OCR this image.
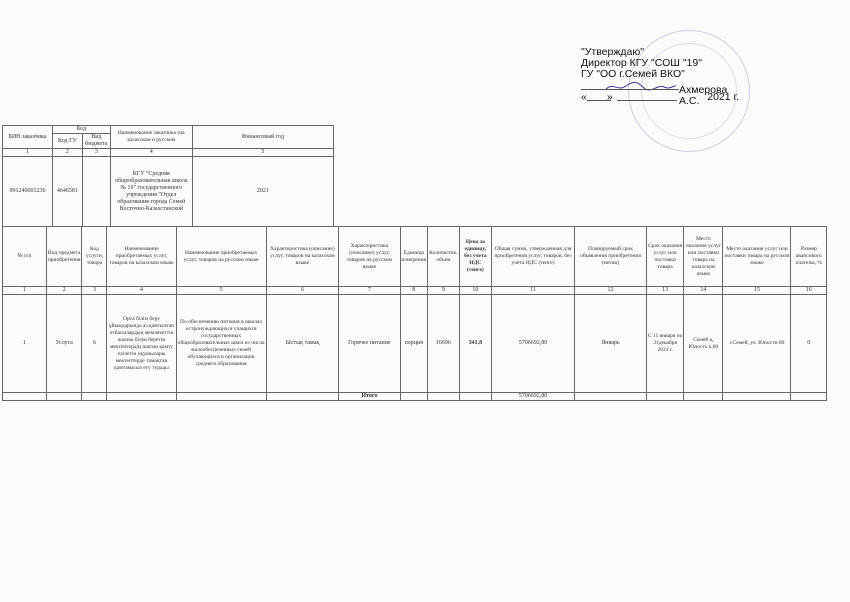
"Утверждаю"
Директор КГУ "СОШ "19"
ГУ "ОО г.Семей ВКО"
« »	2021 г.
Ахмерова А.С.
БИН заказчика	Код		Наименование заказчика (на казахском и русском	Финансовый год
	Код ГУ	Вид бюджета		
1	2	3	4	5
991240001236	4646581		КГУ "Средняя общеобразовательная школа № 19" государственного учреждения "Отдел образования города Семей Восточно-Казахстанской	2021
№ п/п	Вид предмета приобретения	Код услуги, товара	Наименование приобретаемых услуг, товаров на казахском языке	Наименование приобретаемых услуг, товаров на русском языке	Характеристика (описание) услуг, товаров на казахском языке	Характеристика (описание) услуг, товаров на русском языке	Единица измерения	Количество, объем	Цена за единицу, без учета НДС (тенге)	Общая сумма, утвержденная для приобретения услуг, товаров, без учета НДС (тенге)	Планируемый срок объявления приобретения (месяц)	Срок оказания услуг или поставки товара	Место оказания услуг или поставки товара на казахском языке	Место оказания услуг или поставки товара на русском языке	Размер авансового платежа, %
1	2	3	4	5	6	7	8	9	10	11	12	13	14	15	16
1	Услуга	6	Орта білім беру ұйымдарында аз қамтылған отбасылардың мемлекеттік жалпы білім беретін мектептердің шағын қамту елілетін оқушылары мектептерде тамақтан қамтамасыз ету турады	По обеспечению питания в школах остронуждающихся учащихся государственных общеобразовательных школ из числа малообеспеченных семей обучающихся в организации среднего образования	Ыстық тамақ	Горячее питание	порция	16696	341,8	5706692,80	Январь	С 11 января по 31декабря 2021 г.	Семей қ, Юность к,80	г.Семей, ул. Юности 80	0
						Итого				5706692,80					
